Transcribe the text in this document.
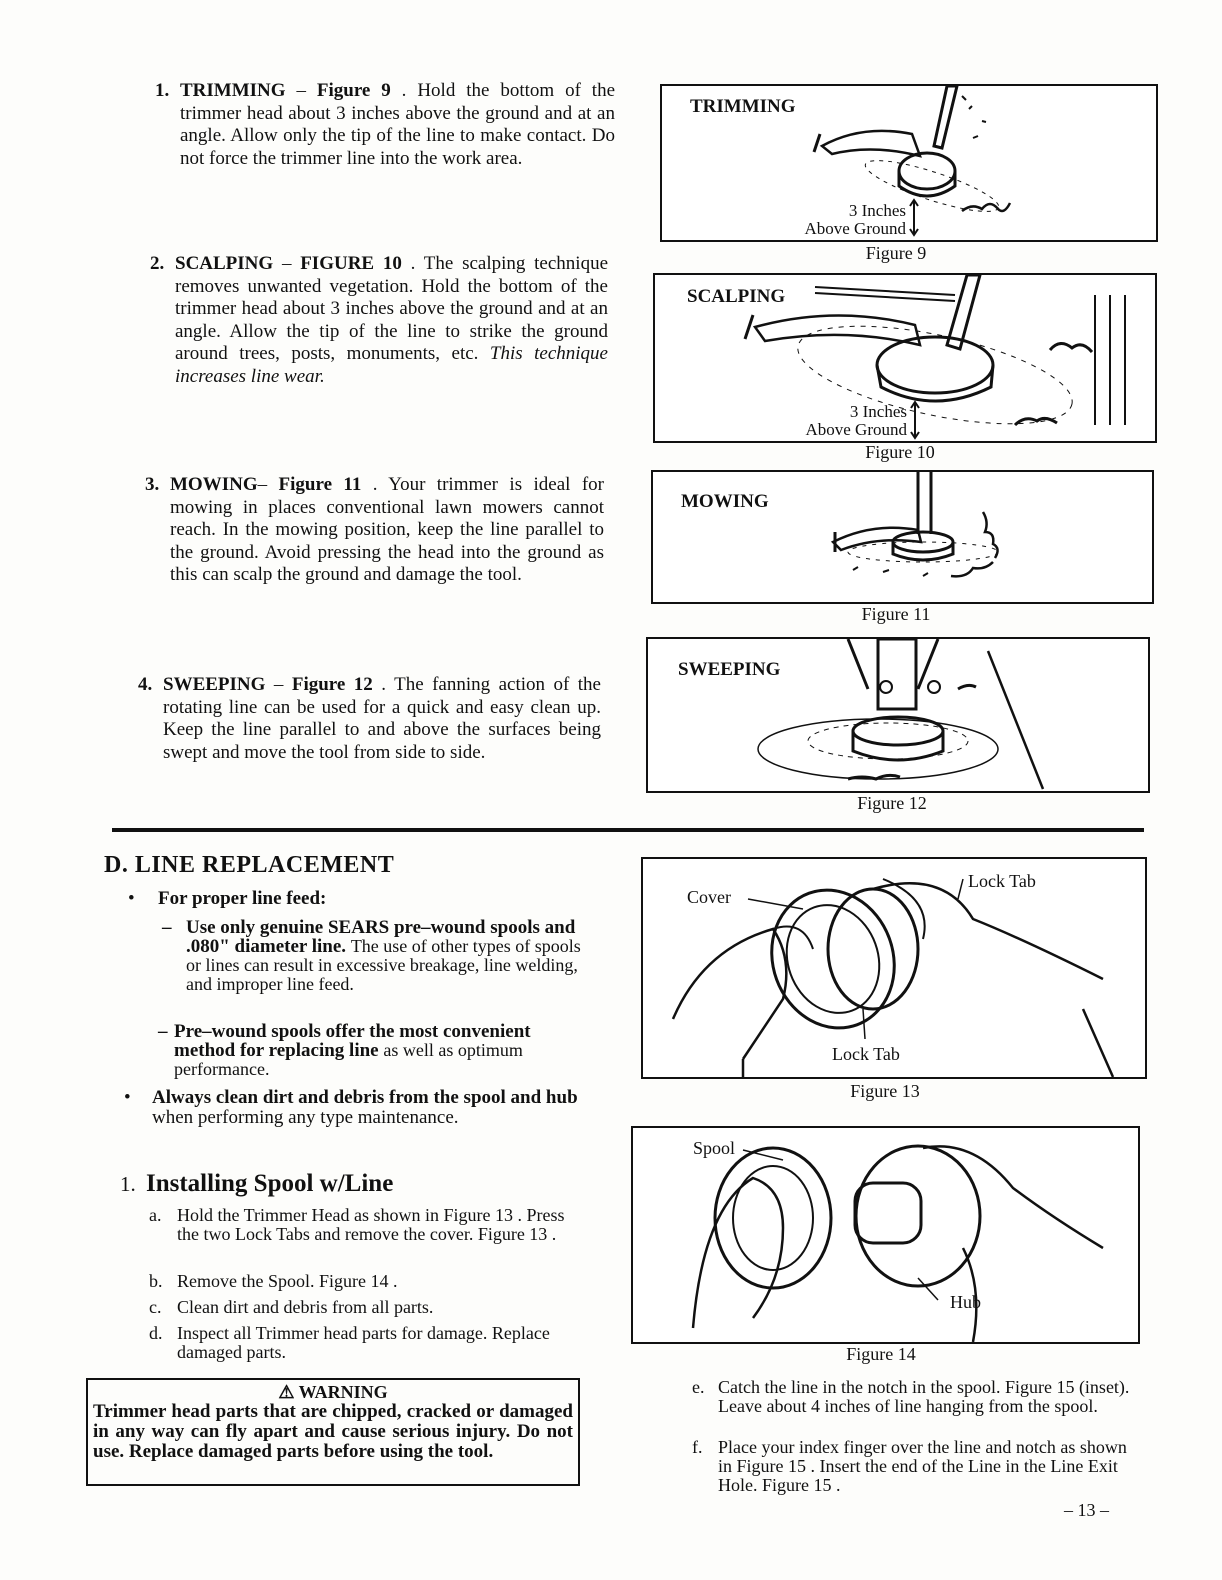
1. TRIMMING – Figure 9 . Hold the bottom of the trimmer head about 3 inches above the ground and at an angle. Allow only the tip of the line to make contact. Do not force the trimmer line into the work area.
2. SCALPING – FIGURE 10 . The scalping technique removes unwanted vegetation. Hold the bottom of the trimmer head about 3 inches above the ground and at an angle. Allow the tip of the line to strike the ground around trees, posts, monuments, etc. This technique increases line wear.
3. MOWING– Figure 11 . Your trimmer is ideal for mowing in places conventional lawn mowers cannot reach. In the mowing position, keep the line parallel to the ground. Avoid pressing the head into the ground as this can scalp the ground and damage the tool.
4. SWEEPING – Figure 12 . The fanning action of the rotating line can be used for a quick and easy clean up. Keep the line parallel to and above the surfaces being swept and move the tool from side to side.
TRIMMING
3 Inches
Above Ground
Figure 9
SCALPING
3 Inches
Above Ground
Figure 10
MOWING
Figure 11
SWEEPING
Figure 12
D. LINE REPLACEMENT
• For proper line feed:
– Use only genuine SEARS pre–wound spools and .080" diameter line. The use of other types of spools or lines can result in excessive breakage, line welding, and improper line feed.
– Pre–wound spools offer the most convenient method for replacing line as well as optimum performance.
• Always clean dirt and debris from the spool and hub when performing any type maintenance.
1. Installing Spool w/Line
a. Hold the Trimmer Head as shown in Figure 13 . Press the two Lock Tabs and remove the cover. Figure 13 .
b. Remove the Spool. Figure 14 .
c. Clean dirt and debris from all parts.
d. Inspect all Trimmer head parts for damage. Replace damaged parts.
⚠ WARNING
Trimmer head parts that are chipped, cracked or damaged in any way can fly apart and cause serious injury. Do not use. Replace damaged parts before using the tool.
Cover
Lock Tab
Lock Tab
Figure 13
Spool
Hub
Figure 14
e. Catch the line in the notch in the spool. Figure 15 (inset). Leave about 4 inches of line hanging from the spool.
f. Place your index finger over the line and notch as shown in Figure 15 . Insert the end of the Line in the Line Exit Hole. Figure 15 .
– 13 –
